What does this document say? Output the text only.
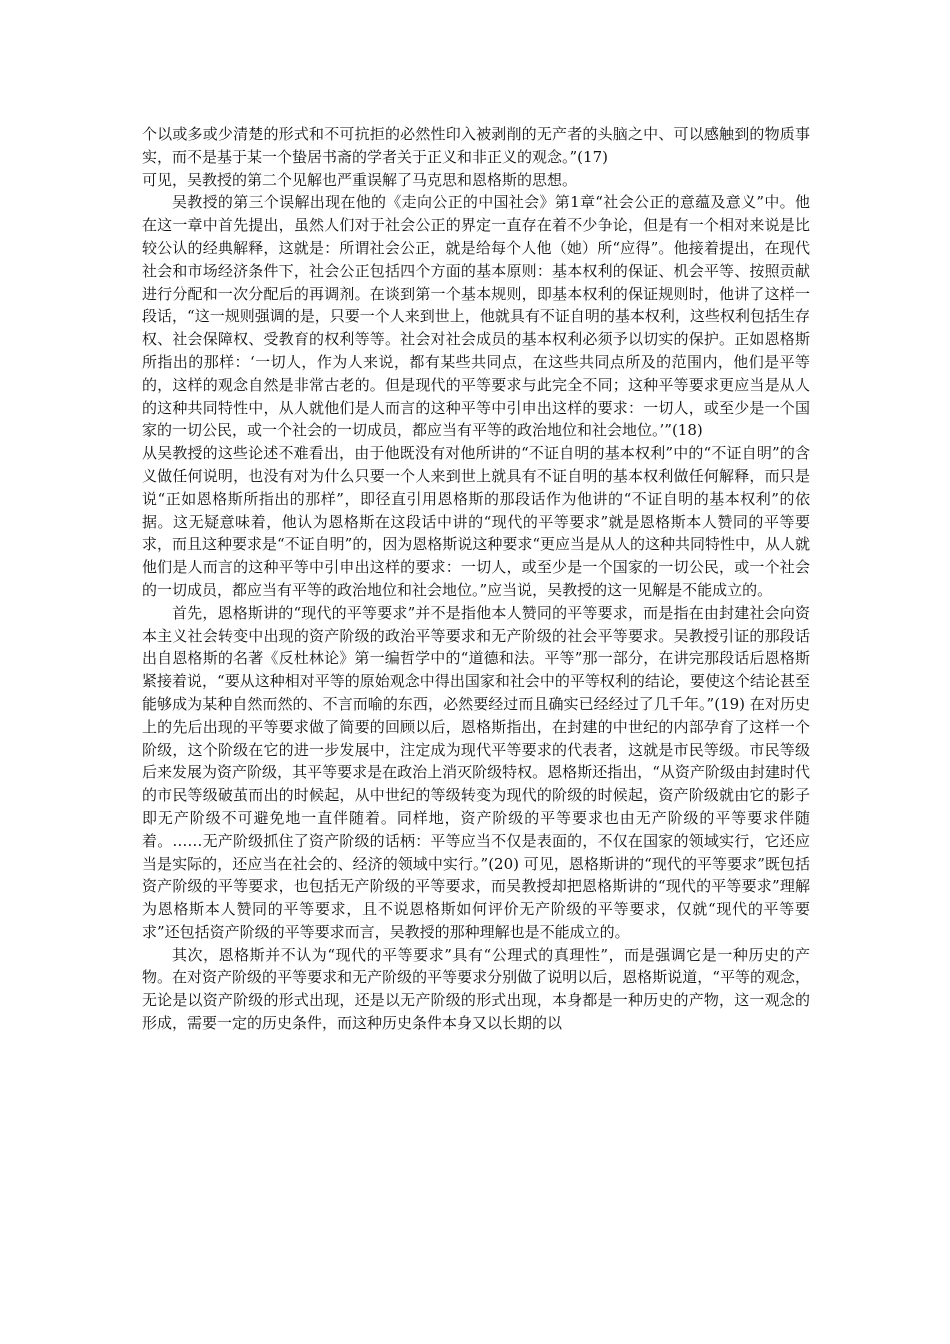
个以或多或少清楚的形式和不可抗拒的必然性印入被剥削的无产者的头脑之中、可以感触到的物质事实，而不是基于某一个蛰居书斋的学者关于正义和非正义的观念。”(17)

可见，吴教授的第二个见解也严重误解了马克思和恩格斯的思想。

吴教授的第三个误解出现在他的《走向公正的中国社会》第1章“社会公正的意蕴及意义”中。他在这一章中首先提出，虽然人们对于社会公正的界定一直存在着不少争论，但是有一个相对来说是比较公认的经典解释，这就是：所谓社会公正，就是给每个人他（她）所“应得”。他接着提出，在现代社会和市场经济条件下，社会公正包括四个方面的基本原则：基本权利的保证、机会平等、按照贡献进行分配和一次分配后的再调剂。在谈到第一个基本规则，即基本权利的保证规则时，他讲了这样一段话，“这一规则强调的是，只要一个人来到世上，他就具有不证自明的基本权利，这些权利包括生存权、社会保障权、受教育的权利等等。社会对社会成员的基本权利必须予以切实的保护。正如恩格斯所指出的那样：‘一切人，作为人来说，都有某些共同点，在这些共同点所及的范围内，他们是平等的，这样的观念自然是非常古老的。但是现代的平等要求与此完全不同；这种平等要求更应当是从人的这种共同特性中，从人就他们是人而言的这种平等中引申出这样的要求：一切人，或至少是一个国家的一切公民，或一个社会的一切成员，都应当有平等的政治地位和社会地位。’”(18)

从吴教授的这些论述不难看出，由于他既没有对他所讲的“不证自明的基本权利”中的“不证自明”的含义做任何说明，也没有对为什么只要一个人来到世上就具有不证自明的基本权利做任何解释，而只是说“正如恩格斯所指出的那样”，即径直引用恩格斯的那段话作为他讲的“不证自明的基本权利”的依据。这无疑意味着，他认为恩格斯在这段话中讲的“现代的平等要求”就是恩格斯本人赞同的平等要求，而且这种要求是“不证自明”的，因为恩格斯说这种要求“更应当是从人的这种共同特性中，从人就他们是人而言的这种平等中引申出这样的要求：一切人，或至少是一个国家的一切公民，或一个社会的一切成员，都应当有平等的政治地位和社会地位。”应当说，吴教授的这一见解是不能成立的。

首先，恩格斯讲的“现代的平等要求”并不是指他本人赞同的平等要求，而是指在由封建社会向资本主义社会转变中出现的资产阶级的政治平等要求和无产阶级的社会平等要求。吴教授引证的那段话出自恩格斯的名著《反杜林论》第一编哲学中的“道德和法。平等”那一部分，在讲完那段话后恩格斯紧接着说，“要从这种相对平等的原始观念中得出国家和社会中的平等权利的结论，要使这个结论甚至能够成为某种自然而然的、不言而喻的东西，必然要经过而且确实已经经过了几千年。”(19) 在对历史上的先后出现的平等要求做了简要的回顾以后，恩格斯指出，在封建的中世纪的内部孕育了这样一个阶级，这个阶级在它的进一步发展中，注定成为现代平等要求的代表者，这就是市民等级。市民等级后来发展为资产阶级，其平等要求是在政治上消灭阶级特权。恩格斯还指出，“从资产阶级由封建时代的市民等级破茧而出的时候起，从中世纪的等级转变为现代的阶级的时候起，资产阶级就由它的影子即无产阶级不可避免地一直伴随着。同样地，资产阶级的平等要求也由无产阶级的平等要求伴随着。……无产阶级抓住了资产阶级的话柄：平等应当不仅是表面的，不仅在国家的领域实行，它还应当是实际的，还应当在社会的、经济的领域中实行。”(20) 可见，恩格斯讲的“现代的平等要求”既包括资产阶级的平等要求，也包括无产阶级的平等要求，而吴教授却把恩格斯讲的“现代的平等要求”理解为恩格斯本人赞同的平等要求，且不说恩格斯如何评价无产阶级的平等要求，仅就“现代的平等要求”还包括资产阶级的平等要求而言，吴教授的那种理解也是不能成立的。

其次，恩格斯并不认为“现代的平等要求”具有“公理式的真理性”，而是强调它是一种历史的产物。在对资产阶级的平等要求和无产阶级的平等要求分别做了说明以后，恩格斯说道，“平等的观念，无论是以资产阶级的形式出现，还是以无产阶级的形式出现，本身都是一种历史的产物，这一观念的形成，需要一定的历史条件，而这种历史条件本身又以长期的以
